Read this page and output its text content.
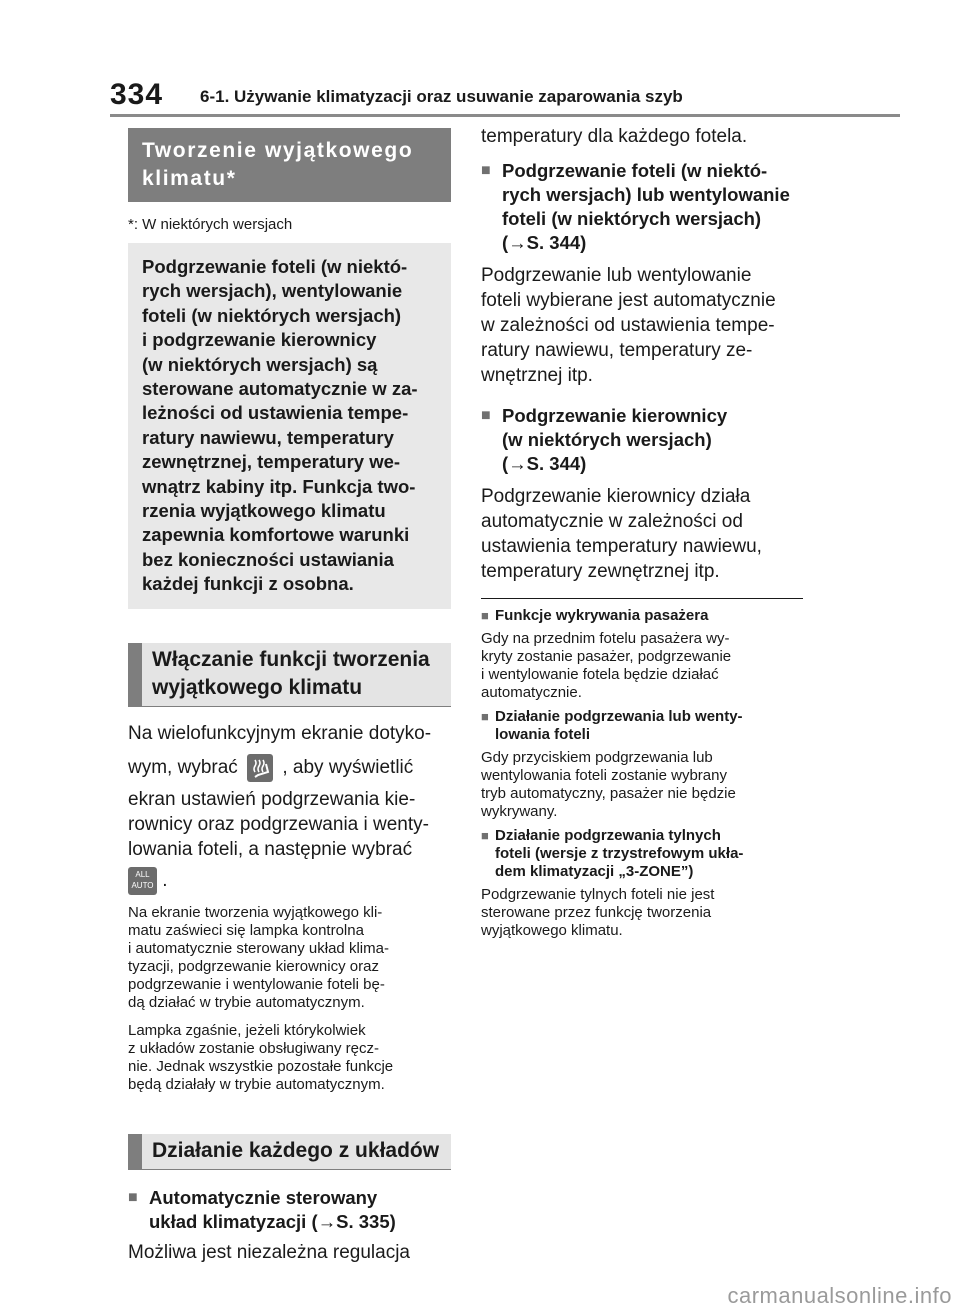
334 6-1. Używanie klimatyzacji oraz usuwanie zaparowania szyb
Tworzenie wyjątkowego
klimatu*
*: W niektórych wersjach
Podgrzewanie foteli (w niektó-
rych wersjach), wentylowanie
foteli (w niektórych wersjach)
i podgrzewanie kierownicy
(w niektórych wersjach) są
sterowane automatycznie w za-
leżności od ustawienia tempe-
ratury nawiewu, temperatury
zewnętrznej, temperatury we-
wnątrz kabiny itp. Funkcja two-
rzenia wyjątkowego klimatu
zapewnia komfortowe warunki
bez konieczności ustawiania
każdej funkcji z osobna.
Włączanie funkcji tworzenia
wyjątkowego klimatu
Na wielofunkcyjnym ekranie dotyko-
wym, wybrać , aby wyświetlić
ekran ustawień podgrzewania kie-
rownicy oraz podgrzewania i wenty-
lowania foteli, a następnie wybrać
ALL
AUTO .
Na ekranie tworzenia wyjątkowego kli-
matu zaświeci się lampka kontrolna
i automatycznie sterowany układ klima-
tyzacji, podgrzewanie kierownicy oraz
podgrzewanie i wentylowanie foteli bę-
dą działać w trybie automatycznym.
Lampka zgaśnie, jeżeli którykolwiek
z układów zostanie obsługiwany ręcz-
nie. Jednak wszystkie pozostałe funkcje
będą działały w trybie automatycznym.
Działanie każdego z układów
■ Automatycznie sterowany
układ klimatyzacji (→S. 335)
Możliwa jest niezależna regulacja
temperatury dla każdego fotela.
■ Podgrzewanie foteli (w niektó-
rych wersjach) lub wentylowanie
foteli (w niektórych wersjach)
(→S. 344)
Podgrzewanie lub wentylowanie
foteli wybierane jest automatycznie
w zależności od ustawienia tempe-
ratury nawiewu, temperatury ze-
wnętrznej itp.
■ Podgrzewanie kierownicy
(w niektórych wersjach)
(→S. 344)
Podgrzewanie kierownicy działa
automatycznie w zależności od
ustawienia temperatury nawiewu,
temperatury zewnętrznej itp.
■ Funkcje wykrywania pasażera
Gdy na przednim fotelu pasażera wy-
kryty zostanie pasażer, podgrzewanie
i wentylowanie fotela będzie działać
automatycznie.
■ Działanie podgrzewania lub wenty-
lowania foteli
Gdy przyciskiem podgrzewania lub
wentylowania foteli zostanie wybrany
tryb automatyczny, pasażer nie będzie
wykrywany.
■ Działanie podgrzewania tylnych
foteli (wersje z trzystrefowym ukła-
dem klimatyzacji „3-ZONE”)
Podgrzewanie tylnych foteli nie jest
sterowane przez funkcję tworzenia
wyjątkowego klimatu.
carmanualsonline.info
